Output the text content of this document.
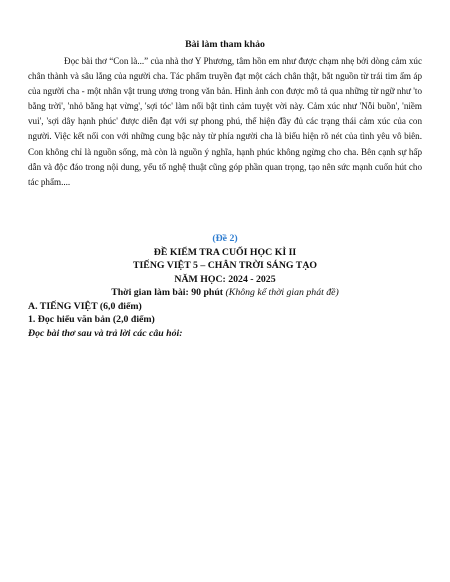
Bài làm tham khảo

Đọc bài thơ “Con là...” của nhà thơ Y Phương, tâm hồn em như được chạm nhẹ bởi dòng cảm xúc chân thành và sâu lắng của người cha. Tác phẩm truyền đạt một cách chân thật, bắt nguồn từ trái tim ấm áp của người cha - một nhân vật trung ương trong văn bản. Hình ảnh con được mô tả qua những từ ngữ như 'to bằng trời', 'nhỏ bằng hạt vừng', 'sợi tóc' làm nổi bật tình cảm tuyệt vời này. Cảm xúc như 'Nỗi buồn', 'niềm vui', 'sợi dây hạnh phúc' được diễn đạt với sự phong phú, thể hiện đầy đủ các trạng thái cảm xúc của con người. Việc kết nối con với những cung bậc này từ phía người cha là biểu hiện rõ nét của tình yêu vô biên. Con không chỉ là nguồn sống, mà còn là nguồn ý nghĩa, hạnh phúc không ngừng cho cha. Bên cạnh sự hấp dẫn và độc đáo trong nội dung, yếu tố nghệ thuật cũng góp phần quan trọng, tạo nên sức mạnh cuốn hút cho tác phẩm....

(Đề 2)

ĐỀ KIỂM TRA CUỐI HỌC KÌ II

TIẾNG VIỆT 5 – CHÂN TRỜI SÁNG TẠO

NĂM HỌC: 2024 - 2025

Thời gian làm bài: 90 phút (Không kể thời gian phát đề)

A. TIẾNG VIỆT (6,0 điểm)

1. Đọc hiểu văn bản (2,0 điểm)

Đọc bài thơ sau và trả lời các câu hỏi:
